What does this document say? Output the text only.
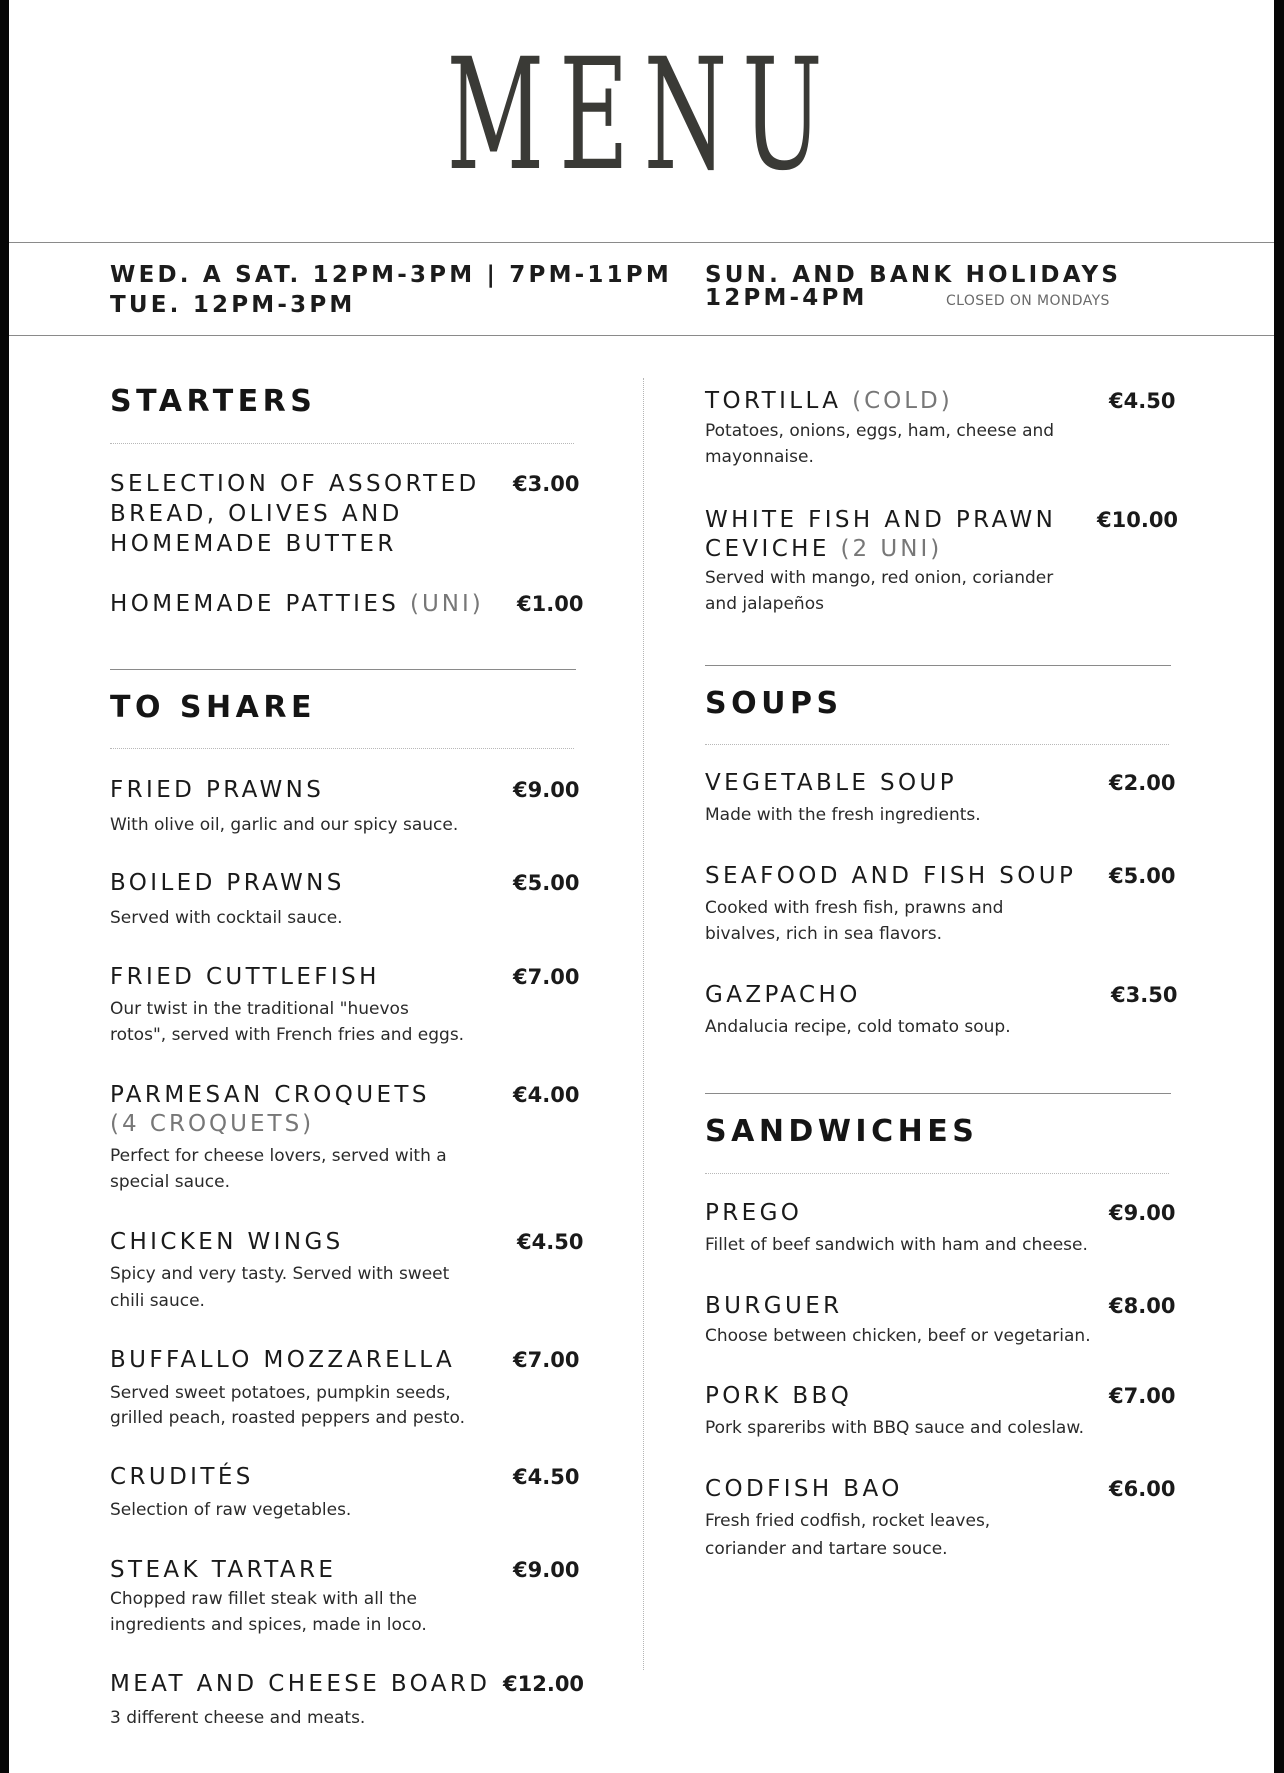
MENU
WED. A SAT. 12PM-3PM | 7PM-11PM
TUE. 12PM-3PM
SUN. AND BANK HOLIDAYS
12PM-4PM	CLOSED ON MONDAYS
STARTERS
SELECTION OF ASSORTED
BREAD, OLIVES AND
HOMEMADE BUTTER
€3.00
HOMEMADE PATTIES (UNI) €1.00
TO SHARE
FRIED PRAWNS	€9.00
With olive oil, garlic and our spicy sauce.
BOILED PRAWNS	€5.00
Served with cocktail sauce.
FRIED CUTTLEFISH	€7.00
Our twist in the traditional "huevos
rotos", served with French fries and eggs.
PARMESAN CROQUETS
(4 CROQUETS)
€4.00
Perfect for cheese lovers, served with a
special sauce.
CHICKEN WINGS	€4.50
Spicy and very tasty. Served with sweet
chili sauce.
BUFFALLO MOZZARELLA	€7.00
Served sweet potatoes, pumpkin seeds,
grilled peach, roasted peppers and pesto.
CRUDITÉS	€4.50
Selection of raw vegetables.
STEAK TARTARE	€9.00
Chopped raw fillet steak with all the
ingredients and spices, made in loco.
MEAT AND CHEESE BOARD €12.00
3 different cheese and meats.
TORTILLA (COLD)	€4.50
Potatoes, onions, eggs, ham, cheese and
mayonnaise.
WHITE FISH AND PRAWN
CEVICHE (2 UNI)
€10.00
Served with mango, red onion, coriander
and jalapeños
SOUPS
VEGETABLE SOUP	€2.00
Made with the fresh ingredients.
SEAFOOD AND FISH SOUP €5.00
Cooked with fresh fish, prawns and
bivalves, rich in sea flavors.
GAZPACHO	€3.50
Andalucia recipe, cold tomato soup.
SANDWICHES
PREGO	€9.00
Fillet of beef sandwich with ham and cheese.
BURGUER	€8.00
Choose between chicken, beef or vegetarian.
PORK BBQ	€7.00
Pork spareribs with BBQ sauce and coleslaw.
CODFISH BAO	€6.00
Fresh fried codfish, rocket leaves,
coriander and tartare souce.
